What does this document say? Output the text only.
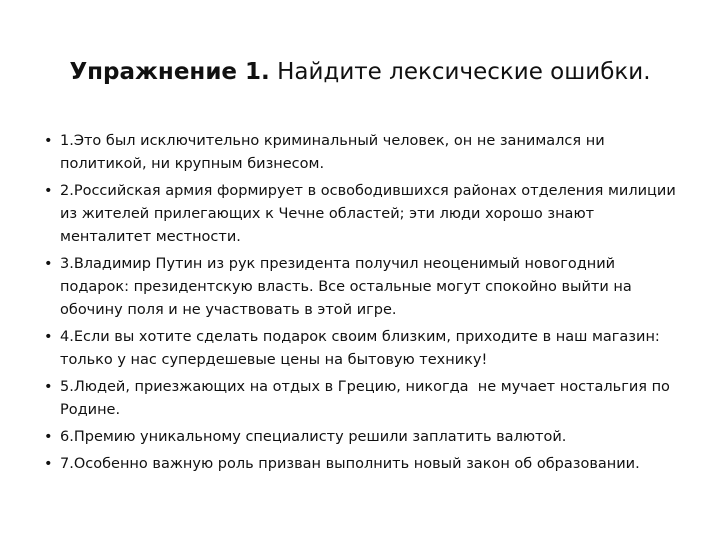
Упражнение 1. Найдите лексические ошибки.
• 1.Это был исключительно криминальный человек, он не занимался ни политикой, ни крупным бизнесом.
• 2.Российская армия формирует в освободившихся районах отделения милиции из жителей прилегающих к Чечне областей; эти люди хорошо знают менталитет местности.
• 3.Владимир Путин из рук президента получил неоценимый новогодний подарок: президентскую власть. Все остальные могут спокойно выйти на обочину поля и не участвовать в этой игре.
• 4.Если вы хотите сделать подарок своим близким, приходите в наш магазин: только у нас супердешевые цены на бытовую технику!
• 5.Людей, приезжающих на отдых в Грецию, никогда  не мучает ностальгия по Родине.
• 6.Премию уникальному специалисту решили заплатить валютой.
• 7.Особенно важную роль призван выполнить новый закон об образовании.
